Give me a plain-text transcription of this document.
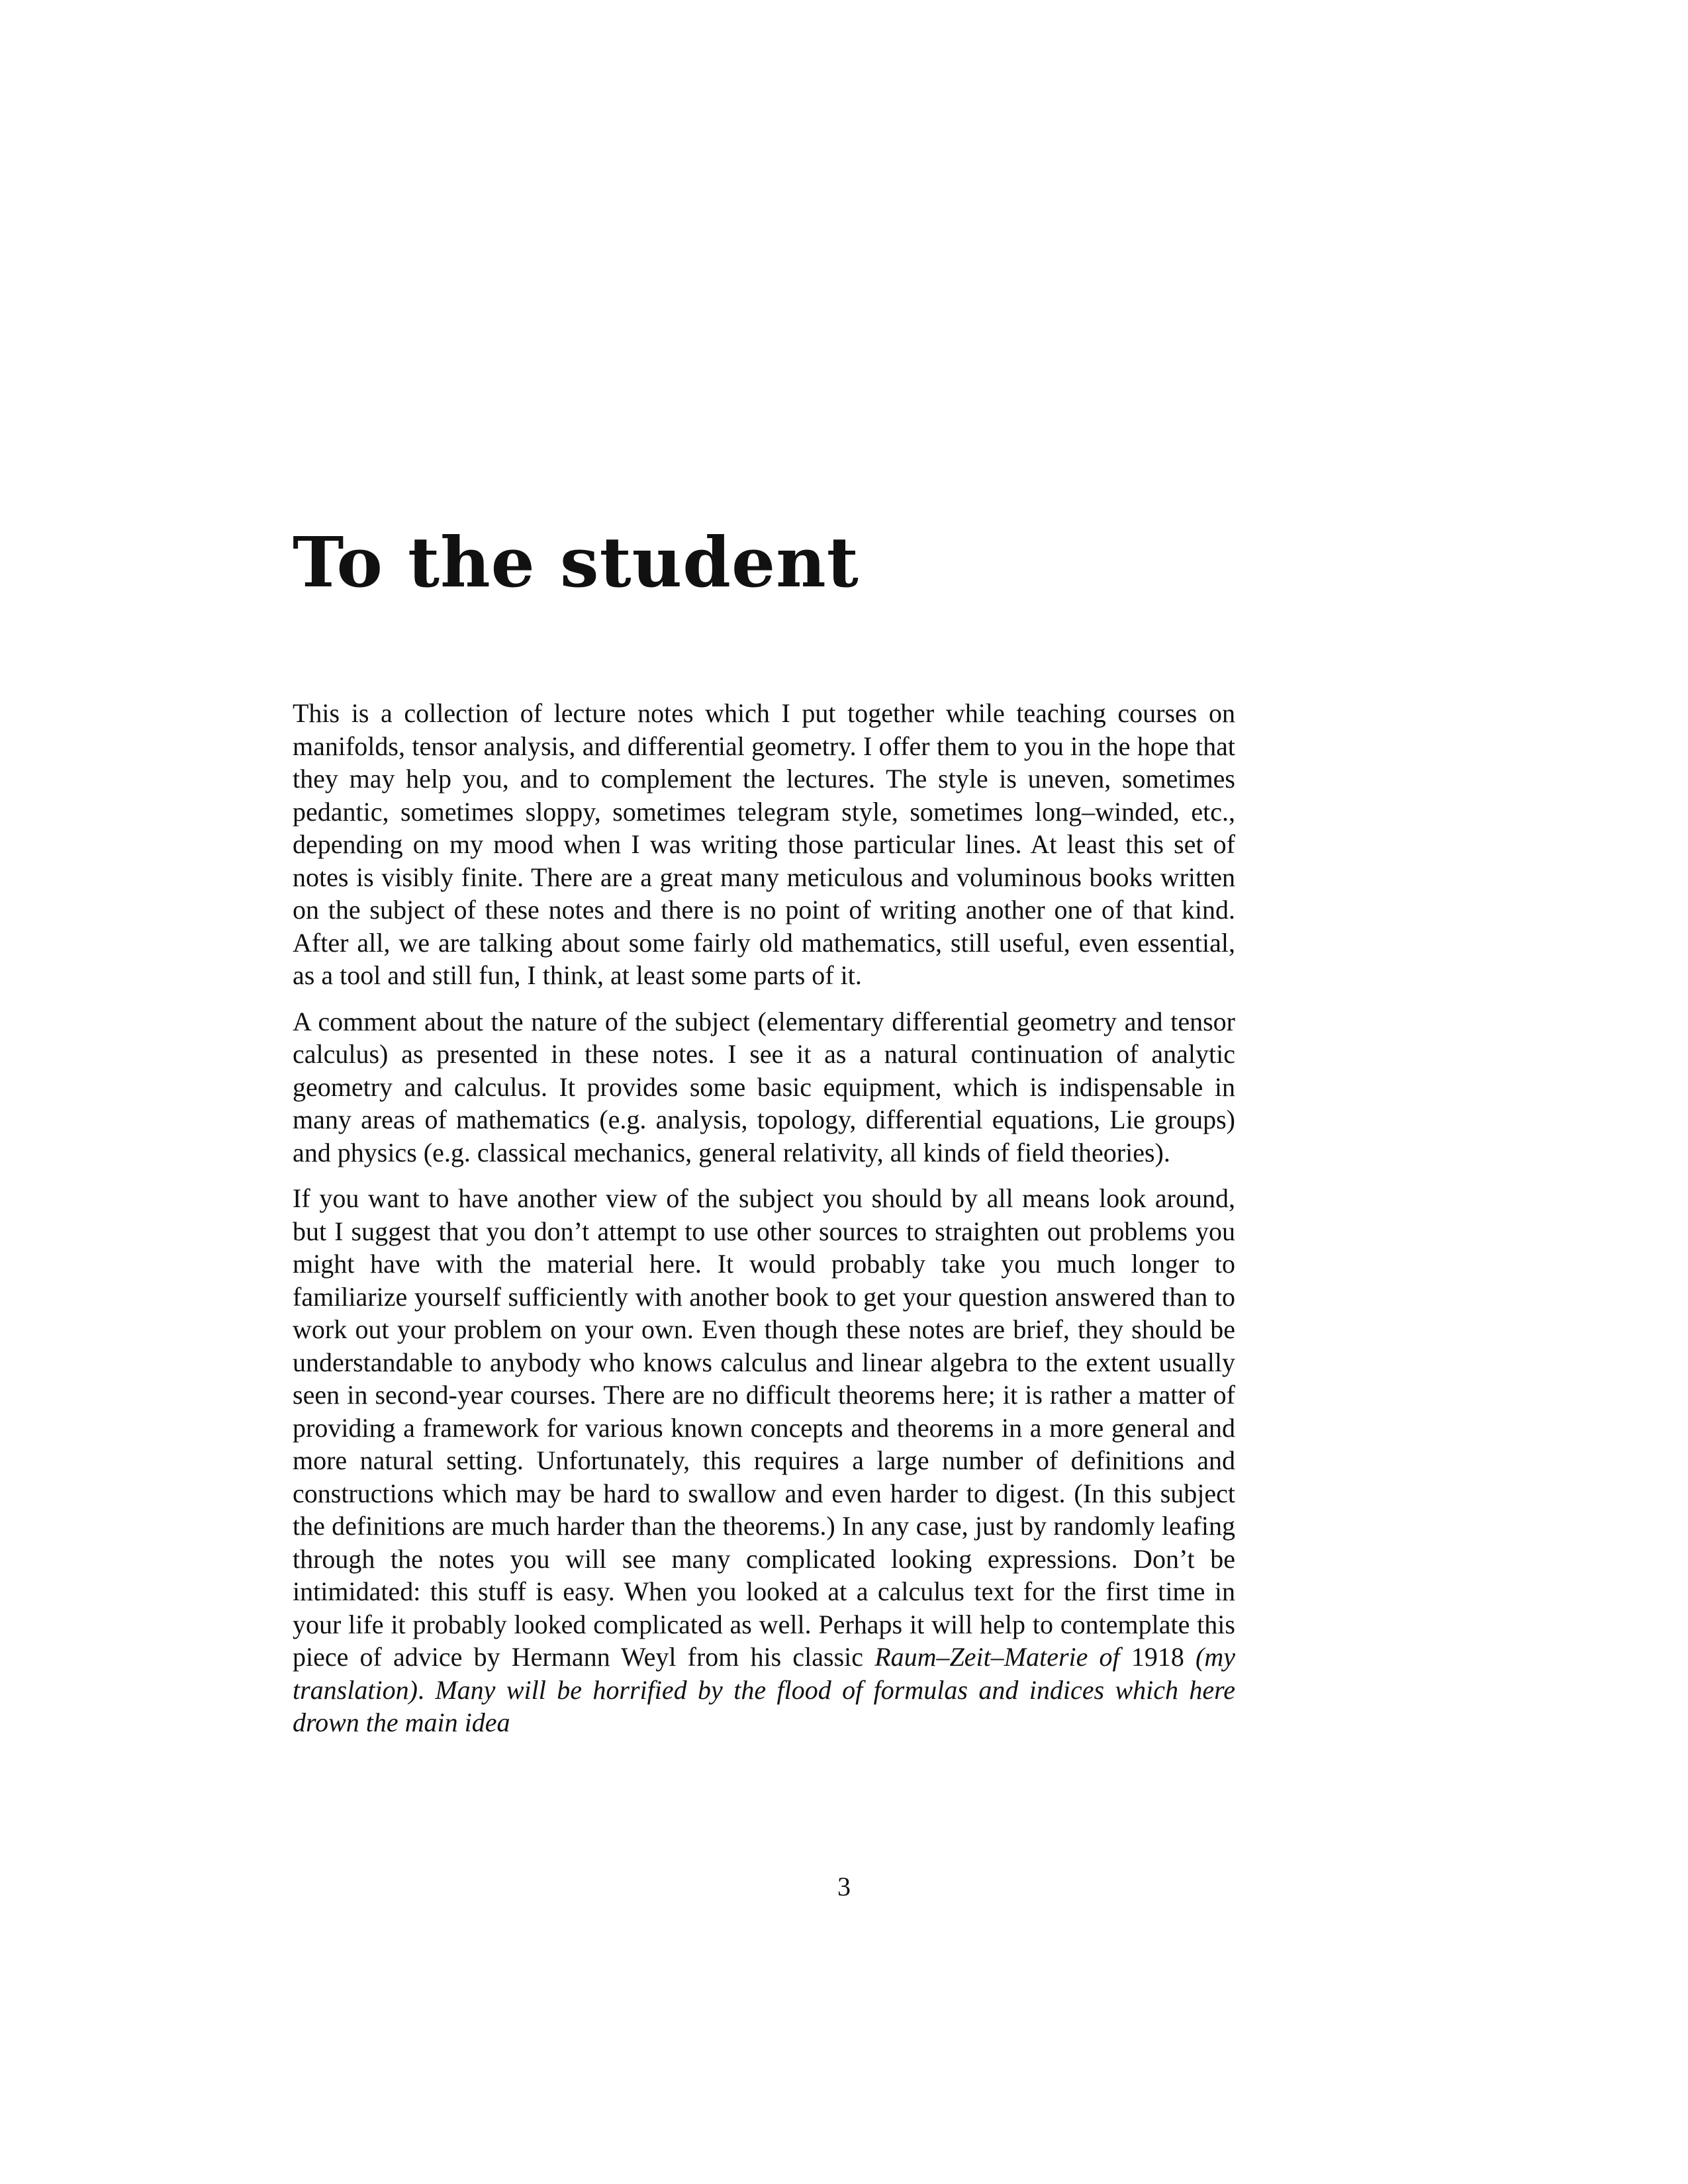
To the student

This is a collection of lecture notes which I put together while teaching courses on manifolds, tensor analysis, and differential geometry. I offer them to you in the hope that they may help you, and to complement the lectures. The style is uneven, sometimes pedantic, sometimes sloppy, sometimes telegram style, sometimes long–winded, etc., depending on my mood when I was writing those particular lines. At least this set of notes is visibly finite. There are a great many meticulous and voluminous books written on the subject of these notes and there is no point of writing another one of that kind. After all, we are talking about some fairly old mathematics, still useful, even essential, as a tool and still fun, I think, at least some parts of it.

A comment about the nature of the subject (elementary differential geometry and tensor calculus) as presented in these notes. I see it as a natural continuation of analytic geometry and calculus. It provides some basic equipment, which is indispensable in many areas of mathematics (e.g. analysis, topology, differential equations, Lie groups) and physics (e.g. classical mechanics, general relativity, all kinds of field theories).

If you want to have another view of the subject you should by all means look around, but I suggest that you don’t attempt to use other sources to straighten out problems you might have with the material here. It would probably take you much longer to familiarize yourself sufficiently with another book to get your question answered than to work out your problem on your own. Even though these notes are brief, they should be understandable to anybody who knows calculus and linear algebra to the extent usually seen in second-year courses. There are no difficult theorems here; it is rather a matter of providing a framework for various known concepts and theorems in a more general and more natural setting. Unfortunately, this requires a large number of definitions and constructions which may be hard to swallow and even harder to digest. (In this subject the definitions are much harder than the theorems.) In any case, just by randomly leafing through the notes you will see many complicated looking expressions. Don’t be intimidated: this stuff is easy. When you looked at a calculus text for the first time in your life it probably looked complicated as well. Perhaps it will help to contemplate this piece of advice by Hermann Weyl from his classic Raum–Zeit–Materie of 1918 (my translation). Many will be horrified by the flood of formulas and indices which here drown the main idea

3
